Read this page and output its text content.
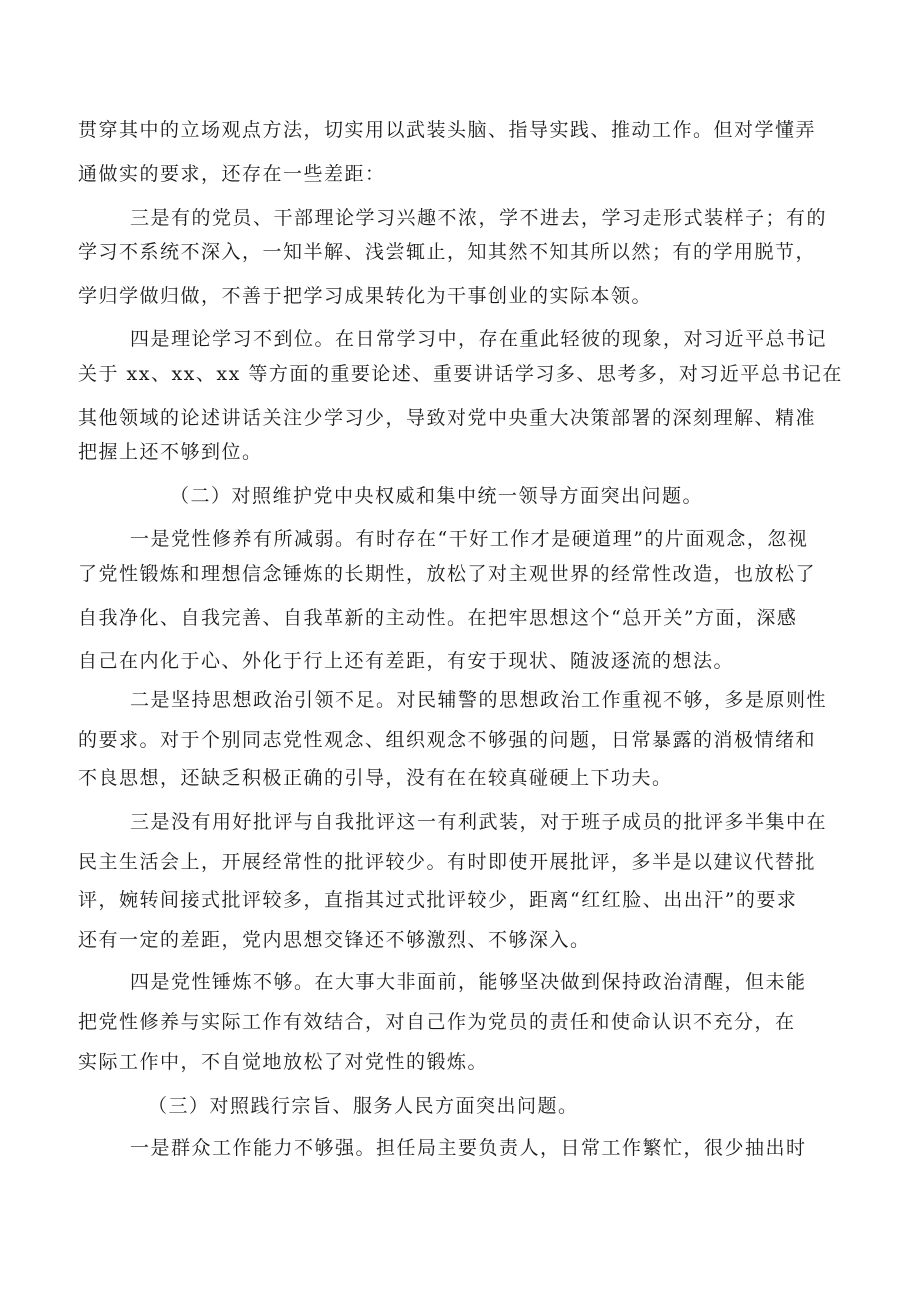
贯穿其中的立场观点方法，切实用以武装头脑、指导实践、推动工作。但对学懂弄
通做实的要求，还存在一些差距：
三是有的党员、干部理论学习兴趣不浓，学不进去，学习走形式装样子；有的
学习不系统不深入，一知半解、浅尝辄止，知其然不知其所以然；有的学用脱节，
学归学做归做，不善于把学习成果转化为干事创业的实际本领。
四是理论学习不到位。在日常学习中，存在重此轻彼的现象，对习近平总书记
关于 xx、xx、xx 等方面的重要论述、重要讲话学习多、思考多，对习近平总书记在
其他领域的论述讲话关注少学习少，导致对党中央重大决策部署的深刻理解、精准
把握上还不够到位。
（二）对照维护党中央权威和集中统一领导方面突出问题。
一是党性修养有所减弱。有时存在“干好工作才是硬道理”的片面观念，忽视
了党性锻炼和理想信念锤炼的长期性，放松了对主观世界的经常性改造，也放松了
自我净化、自我完善、自我革新的主动性。在把牢思想这个“总开关”方面，深感
自己在内化于心、外化于行上还有差距，有安于现状、随波逐流的想法。
二是坚持思想政治引领不足。对民辅警的思想政治工作重视不够，多是原则性
的要求。对于个别同志党性观念、组织观念不够强的问题，日常暴露的消极情绪和
不良思想，还缺乏积极正确的引导，没有在在较真碰硬上下功夫。
三是没有用好批评与自我批评这一有利武装，对于班子成员的批评多半集中在
民主生活会上，开展经常性的批评较少。有时即使开展批评，多半是以建议代替批
评，婉转间接式批评较多，直指其过式批评较少，距离“红红脸、出出汗”的要求
还有一定的差距，党内思想交锋还不够激烈、不够深入。
四是党性锤炼不够。在大事大非面前，能够坚决做到保持政治清醒，但未能
把党性修养与实际工作有效结合，对自己作为党员的责任和使命认识不充分，在
实际工作中，不自觉地放松了对党性的锻炼。
（三）对照践行宗旨、服务人民方面突出问题。
一是群众工作能力不够强。担任局主要负责人，日常工作繁忙，很少抽出时
